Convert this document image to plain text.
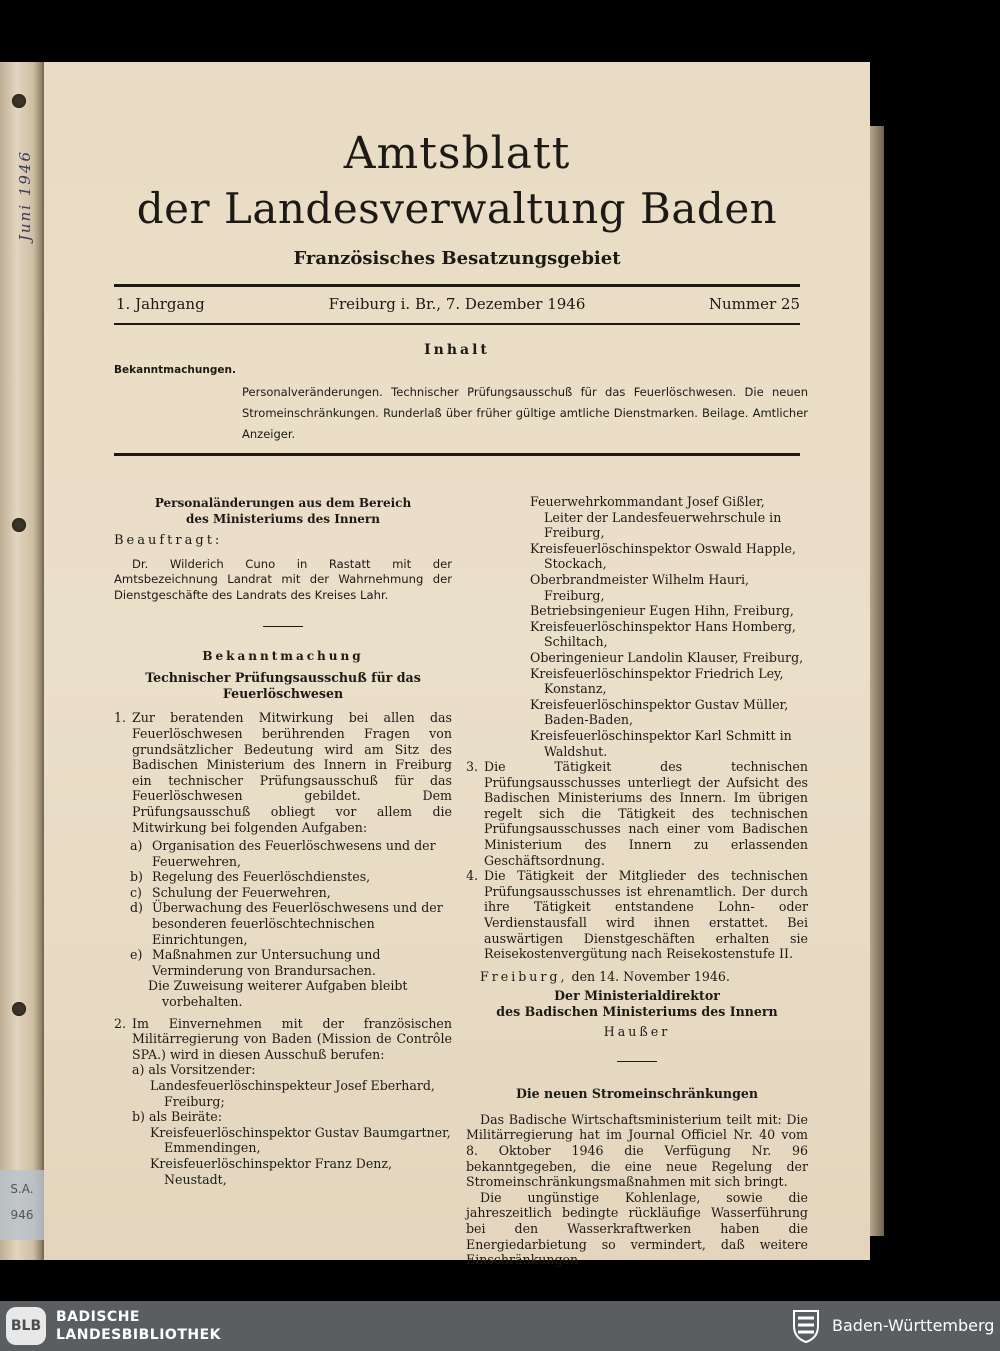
Juni 1946
S.A.
946
Amtsblatt
der Landesverwaltung Baden
Französisches Besatzungsgebiet
1. Jahrgang	Freiburg i. Br., 7. Dezember 1946	Nummer 25
Inhalt
Bekanntmachungen.
Personalveränderungen. Technischer Prüfungsausschuß für das Feuerlöschwesen. Die neuen Stromeinschränkungen. Runderlaß über früher gültige amtliche Dienstmarken. Beilage. Amtlicher Anzeiger.
Personaländerungen aus dem Bereich
des Ministeriums des Innern
Beauftragt:
Dr. Wilderich Cuno in Rastatt mit der Amtsbezeichnung Landrat mit der Wahrnehmung der Dienstgeschäfte des Landrats des Kreises Lahr.
Bekanntmachung
Technischer Prüfungsausschuß für das
Feuerlöschwesen
1. Zur beratenden Mitwirkung bei allen das Feuerlöschwesen berührenden Fragen von grundsätzlicher Bedeutung wird am Sitz des Badischen Ministerium des Innern in Freiburg ein technischer Prüfungsausschuß für das Feuerlöschwesen gebildet. Dem Prüfungsausschuß obliegt vor allem die Mitwirkung bei folgenden Aufgaben:
a) Organisation des Feuerlöschwesens und der Feuerwehren,
b) Regelung des Feuerlöschdienstes,
c) Schulung der Feuerwehren,
d) Überwachung des Feuerlöschwesens und der besonderen feuerlöschtechnischen Einrichtungen,
e) Maßnahmen zur Untersuchung und Verminderung von Brandursachen.
Die Zuweisung weiterer Aufgaben bleibt vorbehalten.
2. Im Einvernehmen mit der französischen Militärregierung von Baden (Mission de Contrôle SPA.) wird in diesen Ausschuß berufen:
a) als Vorsitzender:
Landesfeuerlöschinspekteur Josef Eberhard, Freiburg;
b) als Beiräte:
Kreisfeuerlöschinspektor Gustav Baumgartner, Emmendingen,
Kreisfeuerlöschinspektor Franz Denz, Neustadt,
Feuerwehrkommandant Josef Gißler, Leiter der Landesfeuerwehrschule in Freiburg,
Kreisfeuerlöschinspektor Oswald Happle, Stockach,
Oberbrandmeister Wilhelm Hauri, Freiburg,
Betriebsingenieur Eugen Hihn, Freiburg,
Kreisfeuerlöschinspektor Hans Homberg, Schiltach,
Oberingenieur Landolin Klauser, Freiburg,
Kreisfeuerlöschinspektor Friedrich Ley, Konstanz,
Kreisfeuerlöschinspektor Gustav Müller, Baden-Baden,
Kreisfeuerlöschinspektor Karl Schmitt in Waldshut.
3. Die Tätigkeit des technischen Prüfungsausschusses unterliegt der Aufsicht des Badischen Ministeriums des Innern. Im übrigen regelt sich die Tätigkeit des technischen Prüfungsausschusses nach einer vom Badischen Ministerium des Innern zu erlassenden Geschäftsordnung.
4. Die Tätigkeit der Mitglieder des technischen Prüfungsausschusses ist ehrenamtlich. Der durch ihre Tätigkeit entstandene Lohn- oder Verdienstausfall wird ihnen erstattet. Bei auswärtigen Dienstgeschäften erhalten sie Reisekostenvergütung nach Reisekostenstufe II.
Freiburg, den 14. November 1946.
Der Ministerialdirektor
des Badischen Ministeriums des Innern
Haußer
Die neuen Stromeinschränkungen
Das Badische Wirtschaftsministerium teilt mit: Die Militärregierung hat im Journal Officiel Nr. 40 vom 8. Oktober 1946 die Verfügung Nr. 96 bekanntgegeben, die eine neue Regelung der Stromeinschränkungsmaßnahmen mit sich bringt.
Die ungünstige Kohlenlage, sowie die jahreszeitlich bedingte rückläufige Wasserführung bei den Wasserkraftwerken haben die Energiedarbietung so vermindert, daß weitere Einschränkungen
BLB
BADISCHE
LANDESBIBLIOTHEK	Baden-Württemberg
